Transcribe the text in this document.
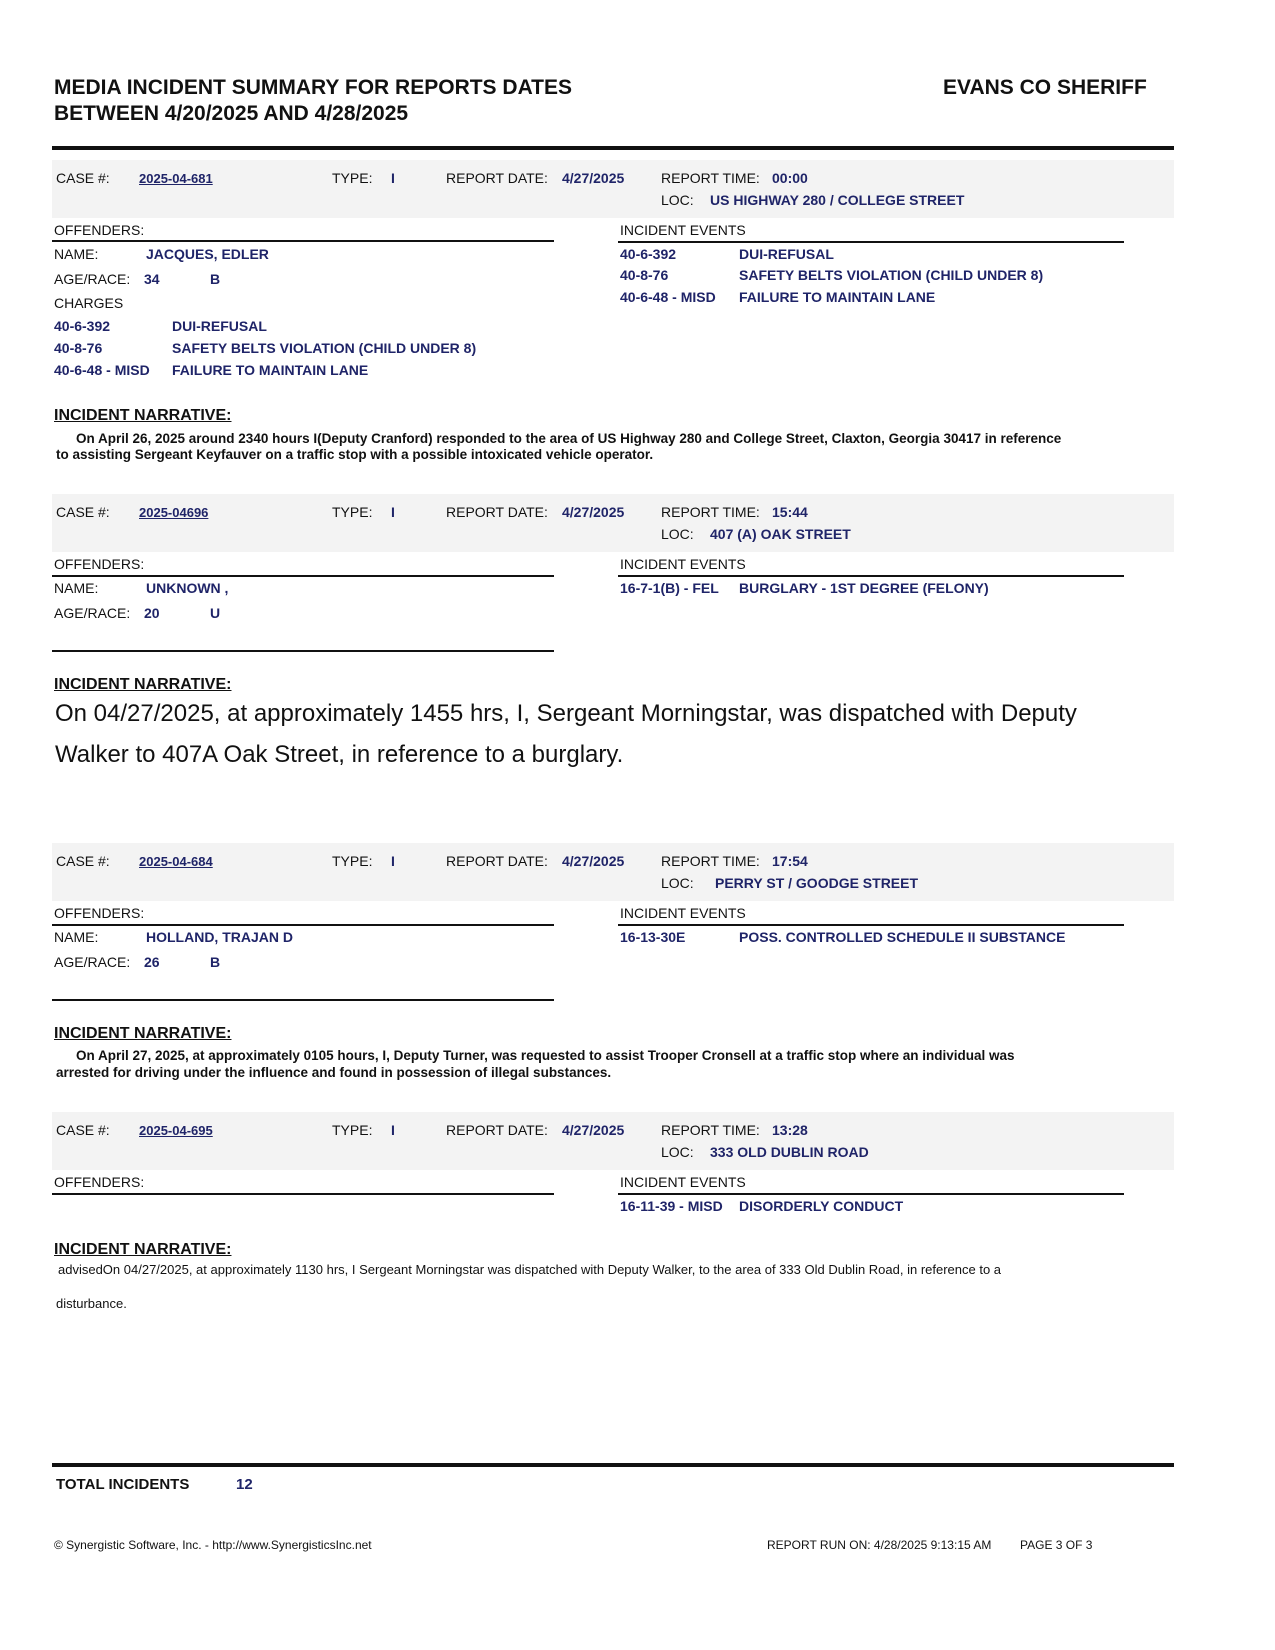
MEDIA INCIDENT SUMMARY FOR REPORTS DATES
BETWEEN 4/20/2025 AND 4/28/2025
EVANS CO SHERIFF
CASE #: 2025-04-681	TYPE: I	REPORT DATE: 4/27/2025	REPORT TIME: 00:00
LOC: US HIGHWAY 280 / COLLEGE STREET
OFFENDERS:	INCIDENT EVENTS
NAME:	JACQUES, EDLER
AGE/RACE: 34	B
CHARGES
40-6-392	DUI-REFUSAL
40-8-76	SAFETY BELTS VIOLATION (CHILD UNDER 8)
40-6-48 - MISD FAILURE TO MAINTAIN LANE
40-6-392	DUI-REFUSAL
40-8-76	SAFETY BELTS VIOLATION (CHILD UNDER 8)
40-6-48 - MISD FAILURE TO MAINTAIN LANE
INCIDENT NARRATIVE:
On April 26, 2025 around 2340 hours I(Deputy Cranford) responded to the area of US Highway 280 and College Street, Claxton, Georgia 30417 in reference
to assisting Sergeant Keyfauver on a traffic stop with a possible intoxicated vehicle operator.
CASE #: 2025-04696	TYPE: I	REPORT DATE: 4/27/2025	REPORT TIME: 15:44
LOC: 407 (A) OAK STREET
OFFENDERS:	INCIDENT EVENTS
NAME:	UNKNOWN ,
AGE/RACE: 20	U
16-7-1(B) - FEL BURGLARY - 1ST DEGREE (FELONY)
INCIDENT NARRATIVE:
On 04/27/2025, at approximately 1455 hrs, I, Sergeant Morningstar, was dispatched with Deputy
Walker to 407A Oak Street, in reference to a burglary.
CASE #: 2025-04-684	TYPE: I	REPORT DATE: 4/27/2025	REPORT TIME: 17:54
LOC: PERRY ST / GOODGE STREET
OFFENDERS:	INCIDENT EVENTS
NAME:	HOLLAND, TRAJAN D
AGE/RACE: 26	B
16-13-30E	POSS. CONTROLLED SCHEDULE II SUBSTANCE
INCIDENT NARRATIVE:
On April 27, 2025, at approximately 0105 hours, I, Deputy Turner, was requested to assist Trooper Cronsell at a traffic stop where an individual was
arrested for driving under the influence and found in possession of illegal substances.
CASE #: 2025-04-695	TYPE: I	REPORT DATE: 4/27/2025	REPORT TIME: 13:28
LOC: 333 OLD DUBLIN ROAD
OFFENDERS:	INCIDENT EVENTS
16-11-39 - MISD DISORDERLY CONDUCT
INCIDENT NARRATIVE:
advisedOn 04/27/2025, at approximately 1130 hrs, I Sergeant Morningstar was dispatched with Deputy Walker, to the area of 333 Old Dublin Road, in reference to a
disturbance.
TOTAL INCIDENTS	12
© Synergistic Software, Inc. - http://www.SynergisticsInc.net	REPORT RUN ON: 4/28/2025 9:13:15 AM PAGE 3 OF 3
